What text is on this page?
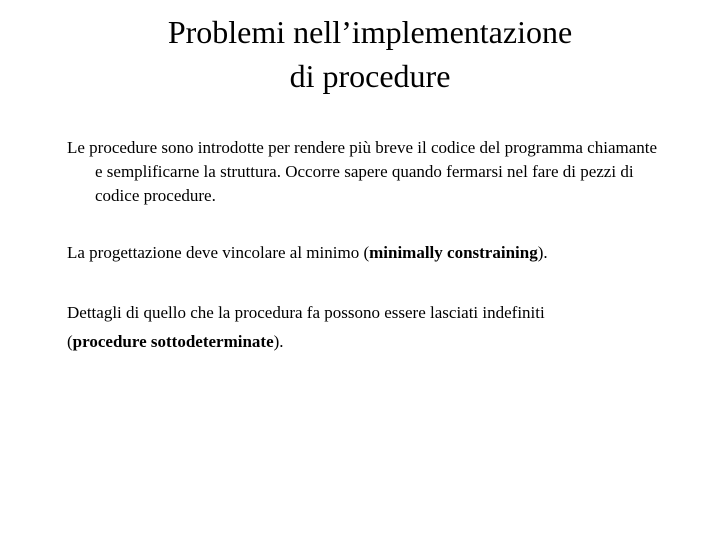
Problemi nell’implementazione
di procedure

Le procedure sono introdotte per rendere più breve il codice del programma chiamante e semplificarne la struttura. Occorre sapere quando fermarsi nel fare di pezzi di codice procedure.

La progettazione deve vincolare al minimo (minimally constraining).

Dettagli di quello che la procedura fa possono essere lasciati indefiniti
(procedure sottodeterminate).
